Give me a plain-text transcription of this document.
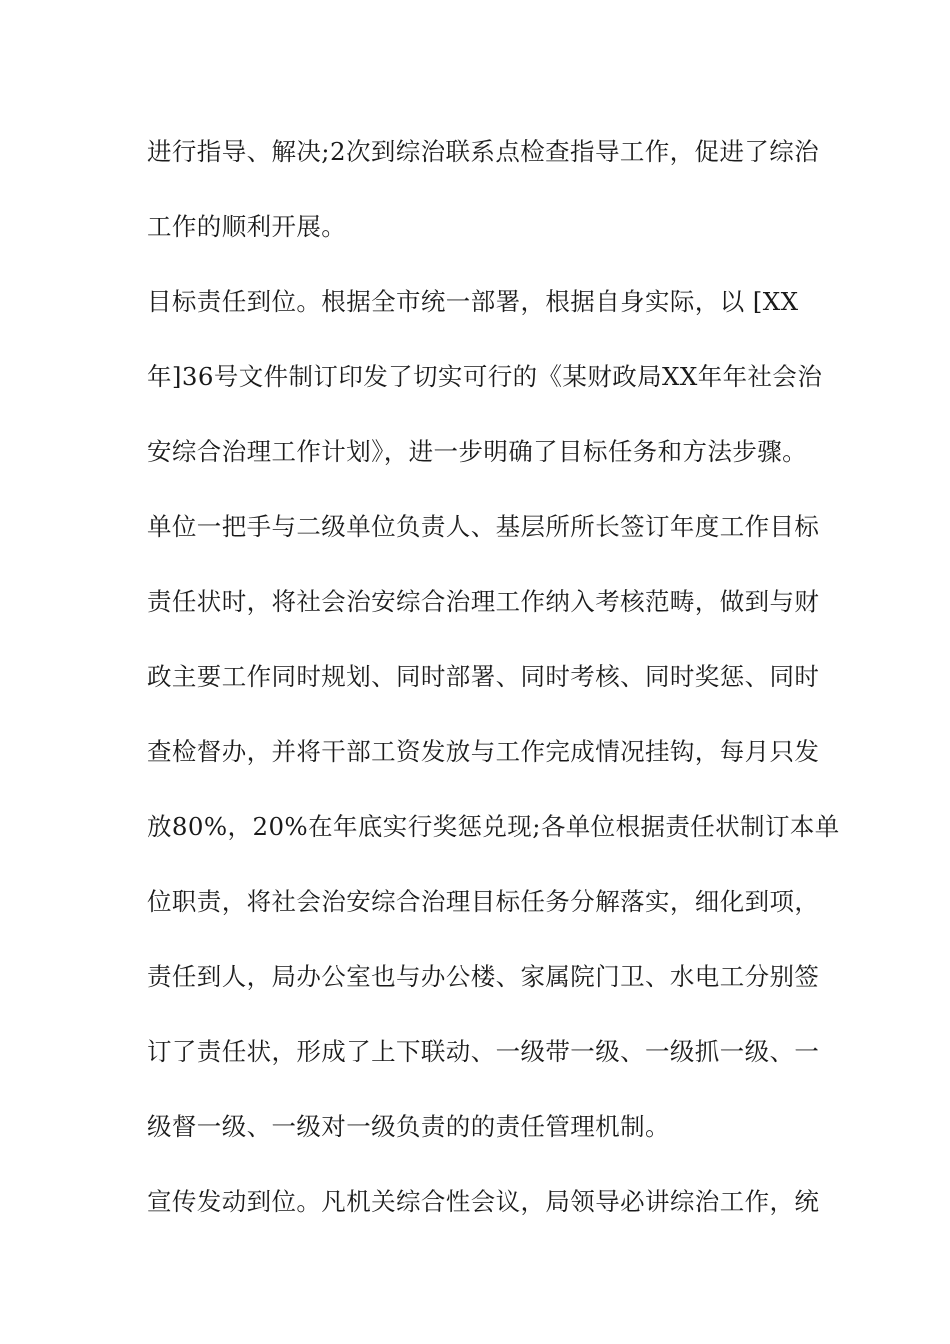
进行指导、解决;2次到综治联系点检查指导工作，促进了综治
工作的顺利开展。
目标责任到位。根据全市统一部署，根据自身实际，以 [XX
年]36号文件制订印发了切实可行的《某财政局XX年年社会治
安综合治理工作计划》，进一步明确了目标任务和方法步骤。
单位一把手与二级单位负责人、基层所所长签订年度工作目标
责任状时，将社会治安综合治理工作纳入考核范畴，做到与财
政主要工作同时规划、同时部署、同时考核、同时奖惩、同时
查检督办，并将干部工资发放与工作完成情况挂钩，每月只发
放80%，20%在年底实行奖惩兑现;各单位根据责任状制订本单
位职责，将社会治安综合治理目标任务分解落实，细化到项，
责任到人，局办公室也与办公楼、家属院门卫、水电工分别签
订了责任状，形成了上下联动、一级带一级、一级抓一级、一
级督一级、一级对一级负责的的责任管理机制。
宣传发动到位。凡机关综合性会议，局领导必讲综治工作，统
